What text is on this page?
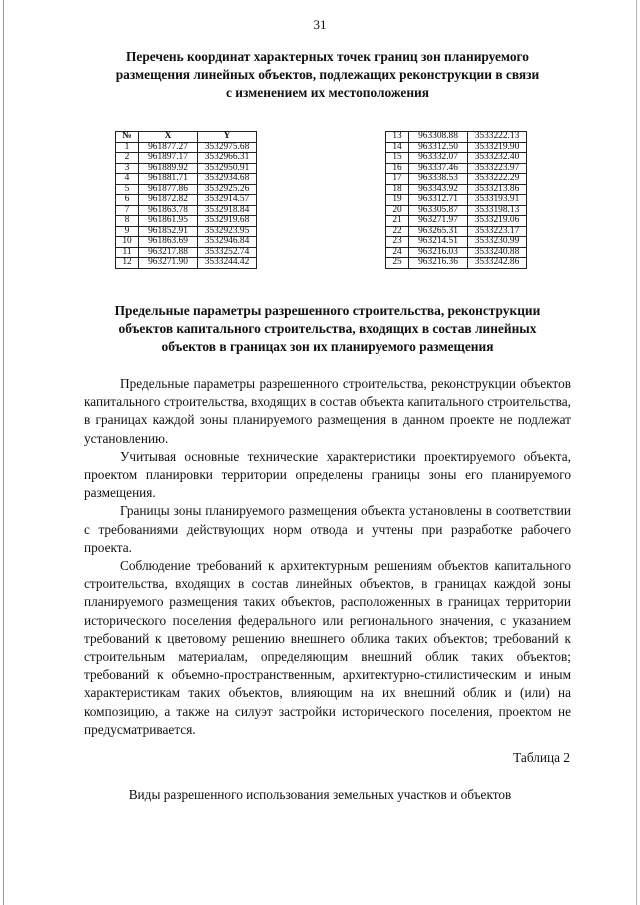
31
Перечень координат характерных точек границ зон планируемого
размещения линейных объектов, подлежащих реконструкции в связи
с изменением их местоположения
№	X	Y
1	961877.27	3532975.68
2	961897.17	3532966.31
3	961889.92	3532950.91
4	961881.71	3532934.68
5	961877.86	3532925.26
6	961872.82	3532914.57
7	961863.78	3532918.84
8	961861.95	3532919.68
9	961852.91	3532923.95
10	961863.69	3532946.84
11	963217.88	3533252.74
12	963271.90	3533244.42
13	963308.88	3533222.13
14	963312.50	3533219.90
15	963332.07	3533232.40
16	963337.46	3533223.97
17	963338.53	3533222.29
18	963343.92	3533213.86
19	963312.71	3533193.91
20	963305.87	3533198.13
21	963271.97	3533219.06
22	963265.31	3533223.17
23	963214.51	3533230.99
24	963216.03	3533240.88
25	963216.36	3533242.86
Предельные параметры разрешенного строительства, реконструкции
объектов капитального строительства, входящих в состав линейных
объектов в границах зон их планируемого размещения

Предельные параметры разрешенного строительства, реконструкции объектов капитального строительства, входящих в состав объекта капитального строительства, в границах каждой зоны планируемого размещения в данном проекте не подлежат установлению.

Учитывая основные технические характеристики проектируемого объекта, проектом планировки территории определены границы зоны его планируемого размещения.

Границы зоны планируемого размещения объекта установлены в соответствии с требованиями действующих норм отвода и учтены при разработке рабочего проекта.

Соблюдение требований к архитектурным решениям объектов капитального строительства, входящих в состав линейных объектов, в границах каждой зоны планируемого размещения таких объектов, расположенных в границах территории исторического поселения федерального или регионального значения, с указанием требований к цветовому решению внешнего облика таких объектов; требований к строительным материалам, определяющим внешний облик таких объектов; требований к объемно-пространственным, архитектурно-стилистическим и иным характеристикам таких объектов, влияющим на их внешний облик и (или) на композицию, а также на силуэт застройки исторического поселения, проектом не предусматривается.

Таблица 2
Виды разрешенного использования земельных участков и объектов
